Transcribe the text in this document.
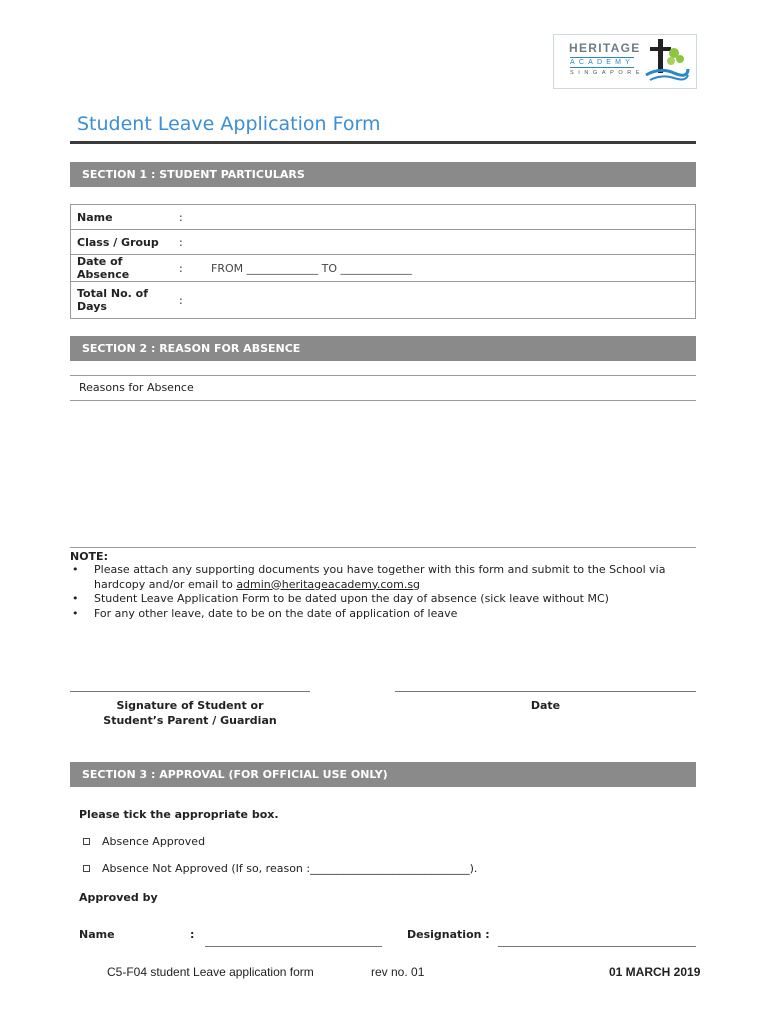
HERITAGE
ACADEMY
SINGAPORE
Student Leave Application Form
SECTION 1 : STUDENT PARTICULARS
Name	:	
Class / Group	:	
Date of Absence	:	FROM _____________ TO _____________
Total No. of Days	:	
SECTION 2 : REASON FOR ABSENCE
Reasons for Absence
NOTE:
• Please attach any supporting documents you have together with this form and submit to the School via hardcopy and/or email to admin@heritageacademy.com.sg
• Student Leave Application Form to be dated upon the day of absence (sick leave without MC)
• For any other leave, date to be on the date of application of leave
Signature of Student or
Student’s Parent / Guardian
Date
SECTION 3 : APPROVAL (FOR OFFICIAL USE ONLY)
Please tick the appropriate box.
Absence Approved
Absence Not Approved (If so, reason :_____________________________).
Approved by
Name	:	Designation :
C5-F04 student Leave application form	rev no. 01	01 MARCH 2019
